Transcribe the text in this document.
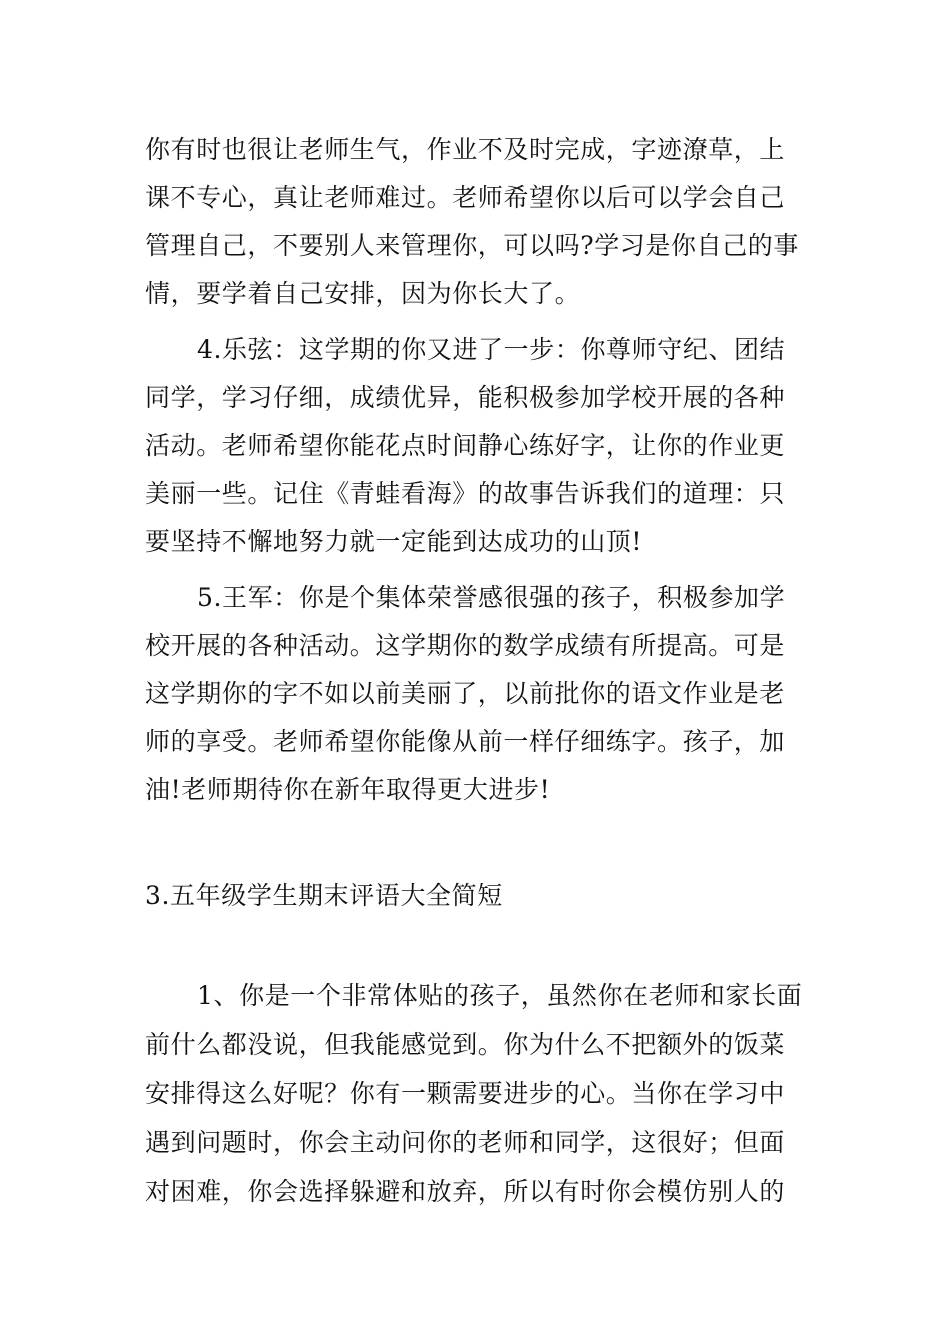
你有时也很让老师生气，作业不及时完成，字迹潦草，上
课不专心，真让老师难过。老师希望你以后可以学会自己
管理自己，不要别人来管理你，可以吗?学习是你自己的事
情，要学着自己安排，因为你长大了。
4.乐弦：这学期的你又进了一步：你尊师守纪、团结
同学，学习仔细，成绩优异，能积极参加学校开展的各种
活动。老师希望你能花点时间静心练好字，让你的作业更
美丽一些。记住《青蛙看海》的故事告诉我们的道理：只
要坚持不懈地努力就一定能到达成功的山顶!
5.王军：你是个集体荣誉感很强的孩子，积极参加学
校开展的各种活动。这学期你的数学成绩有所提高。可是
这学期你的字不如以前美丽了，以前批你的语文作业是老
师的享受。老师希望你能像从前一样仔细练字。孩子，加
油!老师期待你在新年取得更大进步!
3.五年级学生期末评语大全简短
1、你是一个非常体贴的孩子，虽然你在老师和家长面
前什么都没说，但我能感觉到。你为什么不把额外的饭菜
安排得这么好呢？你有一颗需要进步的心。当你在学习中
遇到问题时，你会主动问你的老师和同学，这很好；但面
对困难，你会选择躲避和放弃，所以有时你会模仿别人的
